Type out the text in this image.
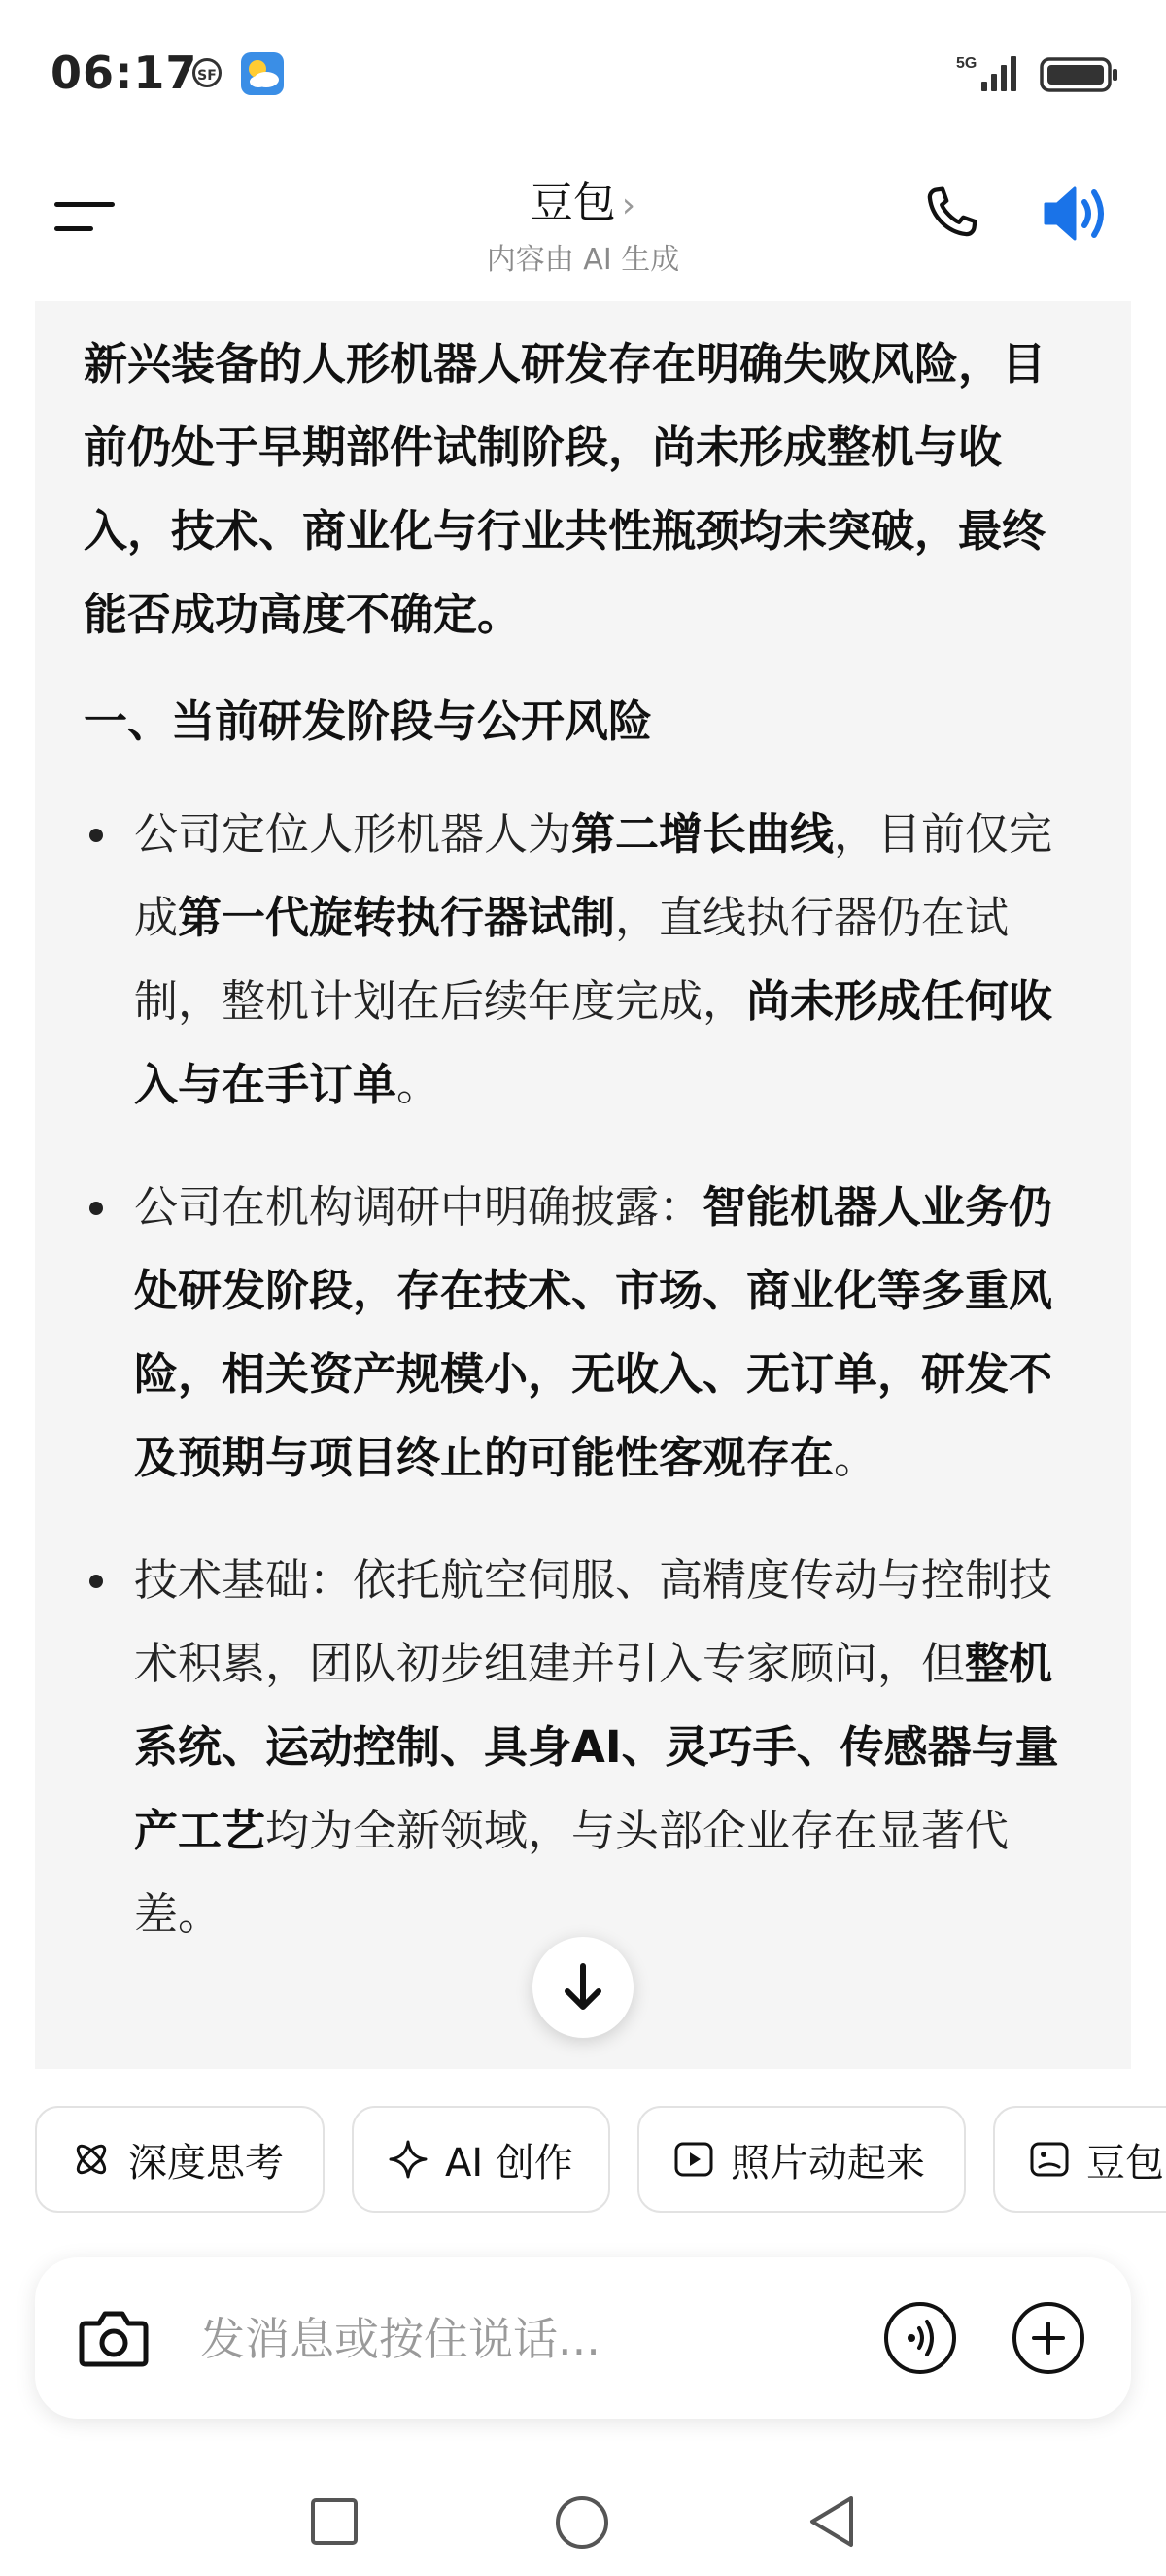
06:17 SF
5G
豆包 ›
内容由 AI 生成

新兴装备的人形机器人研发存在明确失败风险，目前仍处于早期部件试制阶段，尚未形成整机与收入，技术、商业化与行业共性瓶颈均未突破，最终能否成功高度不确定。

一、当前研发阶段与公开风险
公司定位人形机器人为第二增长曲线，目前仅完成第一代旋转执行器试制，直线执行器仍在试制，整机计划在后续年度完成，尚未形成任何收入与在手订单。
公司在机构调研中明确披露：智能机器人业务仍处研发阶段，存在技术、市场、商业化等多重风险，相关资产规模小，无收入、无订单，研发不及预期与项目终止的可能性客观存在。
技术基础：依托航空伺服、高精度传动与控制技术积累，团队初步组建并引入专家顾问，但整机系统、运动控制、具身AI、灵巧手、传感器与量产工艺均为全新领域，与头部企业存在显著代差。
深度思考	AI 创作	照片动起来	豆包
发消息或按住说话...
